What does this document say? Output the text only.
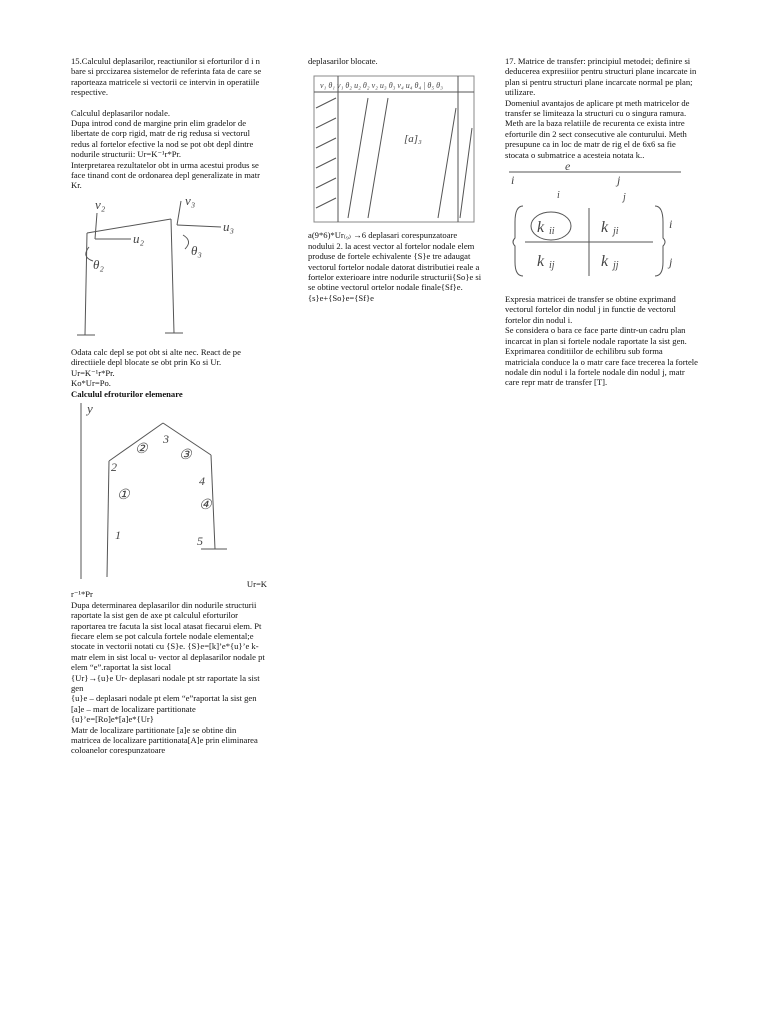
15.Calculul deplasarilor, reactiunilor si eforturilor d i n bare si prccizarea sistemelor de referinta fata de care se raporteaza matricele si vectorii ce intervin in operatiile respective.

Calculul deplasarilor nodale.

Dupa introd cond de margine prin elim gradelor de libertate de corp rigid, matr de rig redusa si vectorul redus al fortelor efective la nod se pot obt depl dintre nodurile structurii: Ur=K⁻¹r*Pr.

Interpretarea rezultatelor obt in urma acestui produs se face tinand cont de ordonarea depl generalizate in matr Kr.

v₂
u₂
θ₂
v₃
u₃
θ₃

Odata calc depl se pot obt si alte nec. React de pe directiiele depl blocate se obt prin Ko si Ur.

Ur=K⁻¹r*Pr.

Ko*Ur=Po.

Calculul efroturilor elemenare

y
2
3
4
1	5
①
② ③
④

Ur=K

r⁻¹*Pr

Dupa determinarea deplasarilor din nodurile structurii raportate la sist gen de axe pt calculul eforturilor raportarea tre facuta la sist local atasat fiecarui elem. Pt fiecare elem se pot calcula fortele nodale elemental;e stocate in vectorii notati cu {S}e. {S}e=[k]’e*{u}’e k-matr elem in sist local u- vector al deplasarilor nodale pt elem “e”.raportat la sist local

{Ur}→{u}e Ur- deplasari nodale pt str raportate la sist gen

{u}e – deplasari nodale pt elem “e”raportat la sist gen

[a]e – mart de localizare partitionate

{u}’e=[Ro]e*[a]e*{Ur}

Matr de localizare partitionate [a]e se obtine din matricea de localizare partitionata[A]e prin eliminarea coloanelor corespunzatoare

deplasarilor blocate.

v₁ θ₁ v₁ θ₂ u₂ θ₂ v₂ u₃ θ₃ v₄ u₄ θ₄ | θ₅ θ₃
[a]₃

a(9*6)*Ur₍₉₎ →6 deplasari corespunzatoare nodului 2. la acest vector al fortelor nodale elem produse de fortele echivalente {S}e tre adaugat vectorul fortelor nodale datorat distributiei reale a fortelor exterioare intre nodurile structurii{So}e si se obtine vectorul ortelor nodale finale{Sf}e. {s}e+{So}e={Sf}e

17. Matrice de transfer: principiul metodei; definire si deducerea expresiiior pentru structuri plane incarcate in plan si pentru structuri plane incarcate normal pe plan; utilizare.

Domeniul avantajos de aplicare pt meth matricelor de transfer se limiteaza la structuri cu o singura ramura. Meth are la baza relatiile de recurenta ce exista intre eforturile din 2 sect consecutive ale conturului. Meth presupune ca in loc de matr de rig el de 6x6 sa fie stocata o submatrice a acesteia notata k..

i
e
j
i	j
k ii	k ji
k ij	k jj
i
j

Expresia matricei de transfer se obtine exprimand vectorul fortelor din nodul j in functie de vectorul fortelor din nodul i.

Se considera o bara ce face parte dintr-un cadru plan incarcat in plan si fortele nodale raportate la sist gen. Exprimarea conditiilor de echilibru sub forma matriciala conduce la o matr care face trecerea la fortele nodale din nodul i la fortele nodale din nodul j, matr care repr matr de transfer [T].
